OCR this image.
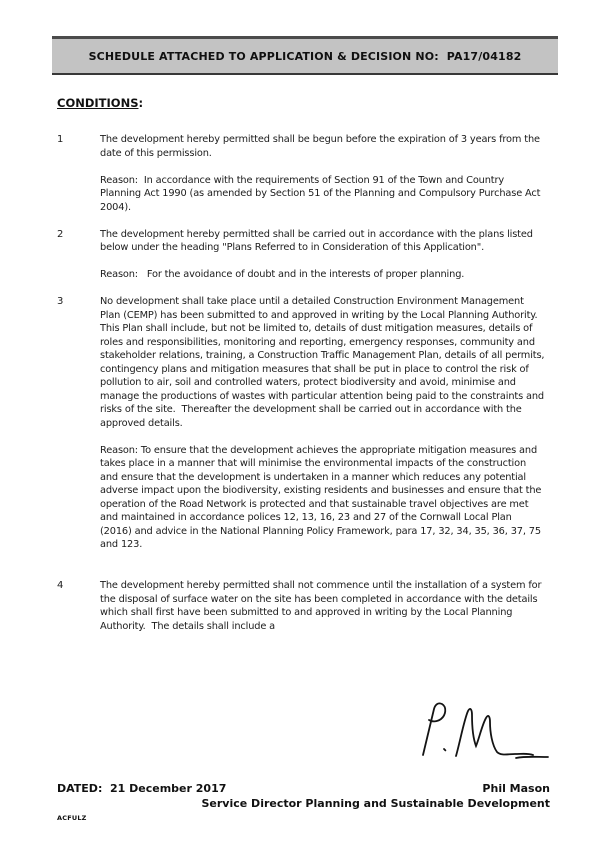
SCHEDULE ATTACHED TO APPLICATION & DECISION NO:  PA17/04182
CONDITIONS:
1	The development hereby permitted shall be begun before the expiration of 3 years from the date of this permission.

Reason:  In accordance with the requirements of Section 91 of the Town and Country Planning Act 1990 (as amended by Section 51 of the Planning and Compulsory Purchase Act 2004).

2	The development hereby permitted shall be carried out in accordance with the plans listed below under the heading "Plans Referred to in Consideration of this Application".

Reason:   For the avoidance of doubt and in the interests of proper planning.

3	No development shall take place until a detailed Construction Environment Management Plan (CEMP) has been submitted to and approved in writing by the Local Planning Authority.  This Plan shall include, but not be limited to, details of dust mitigation measures, details of roles and responsibilities, monitoring and reporting, emergency responses, community and stakeholder relations, training, a Construction Traffic Management Plan, details of all permits, contingency plans and mitigation measures that shall be put in place to control the risk of pollution to air, soil and controlled waters, protect biodiversity and avoid, minimise and manage the productions of wastes with particular attention being paid to the constraints and risks of the site.  Thereafter the development shall be carried out in accordance with the approved details.

Reason: To ensure that the development achieves the appropriate mitigation measures and takes place in a manner that will minimise the environmental impacts of the construction and ensure that the development is undertaken in a manner which reduces any potential adverse impact upon the biodiversity, existing residents and businesses and ensure that the operation of the Road Network is protected and that sustainable travel objectives are met and maintained in accordance polices 12, 13, 16, 23 and 27 of the Cornwall Local Plan (2016) and advice in the National Planning Policy Framework, para 17, 32, 34, 35, 36, 37, 75 and 123.

4	The development hereby permitted shall not commence until the installation of a system for the disposal of surface water on the site has been completed in accordance with the details which shall first have been submitted to and approved in writing by the Local Planning Authority.  The details shall include a

DATED:  21 December 2017	Phil Mason
Service Director Planning and Sustainable Development
ACFULZ
